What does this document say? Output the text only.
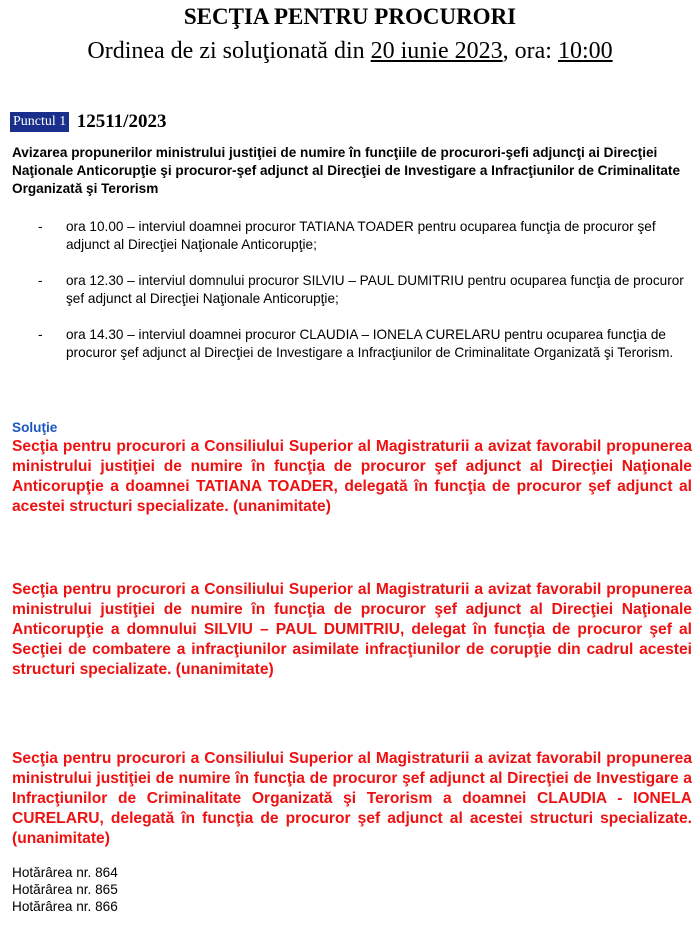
SECŢIA PENTRU PROCURORI
Ordinea de zi soluţionată din 20 iunie 2023, ora: 10:00
Punctul 1 12511/2023
Avizarea propunerilor ministrului justiţiei de numire în funcţiile de procurori-şefi adjuncţi ai Direcţiei Naţionale Anticorupţie şi procuror-şef adjunct al Direcţiei de Investigare a Infracţiunilor de Criminalitate Organizată şi Terorism
- ora 10.00 – interviul doamnei procuror TATIANA TOADER pentru ocuparea funcţia de procuror şef adjunct al Direcţiei Naţionale Anticorupţie;
- ora 12.30 – interviul domnului procuror SILVIU – PAUL DUMITRIU pentru ocuparea funcţia de procuror şef adjunct al Direcţiei Naţionale Anticorupţie;
- ora 14.30 – interviul doamnei procuror CLAUDIA – IONELA CURELARU pentru ocuparea funcţia de procuror şef adjunct al Direcţiei de Investigare a Infracţiunilor de Criminalitate Organizată şi Terorism.
Soluţie

Secţia pentru procurori a Consiliului Superior al Magistraturii a avizat favorabil propunerea ministrului justiţiei de numire în funcţia de procuror şef adjunct al Direcţiei Naţionale Anticorupţie a doamnei TATIANA TOADER, delegată în funcţia de procuror şef adjunct al acestei structuri specializate. (unanimitate)

Secţia pentru procurori a Consiliului Superior al Magistraturii a avizat favorabil propunerea ministrului justiţiei de numire în funcţia de procuror şef adjunct al Direcţiei Naţionale Anticorupţie a domnului SILVIU – PAUL DUMITRIU, delegat în funcţia de procuror şef al Secţiei de combatere a infracţiunilor asimilate infracţiunilor de corupţie din cadrul acestei structuri specializate. (unanimitate)

Secţia pentru procurori a Consiliului Superior al Magistraturii a avizat favorabil propunerea ministrului justiţiei de numire în funcţia de procuror şef adjunct al Direcţiei de Investigare a Infracţiunilor de Criminalitate Organizată şi Terorism a doamnei CLAUDIA - IONELA CURELARU, delegată în funcţia de procuror şef adjunct al acestei structuri specializate. (unanimitate)

Hotărârea nr. 864
Hotărârea nr. 865
Hotărârea nr. 866
